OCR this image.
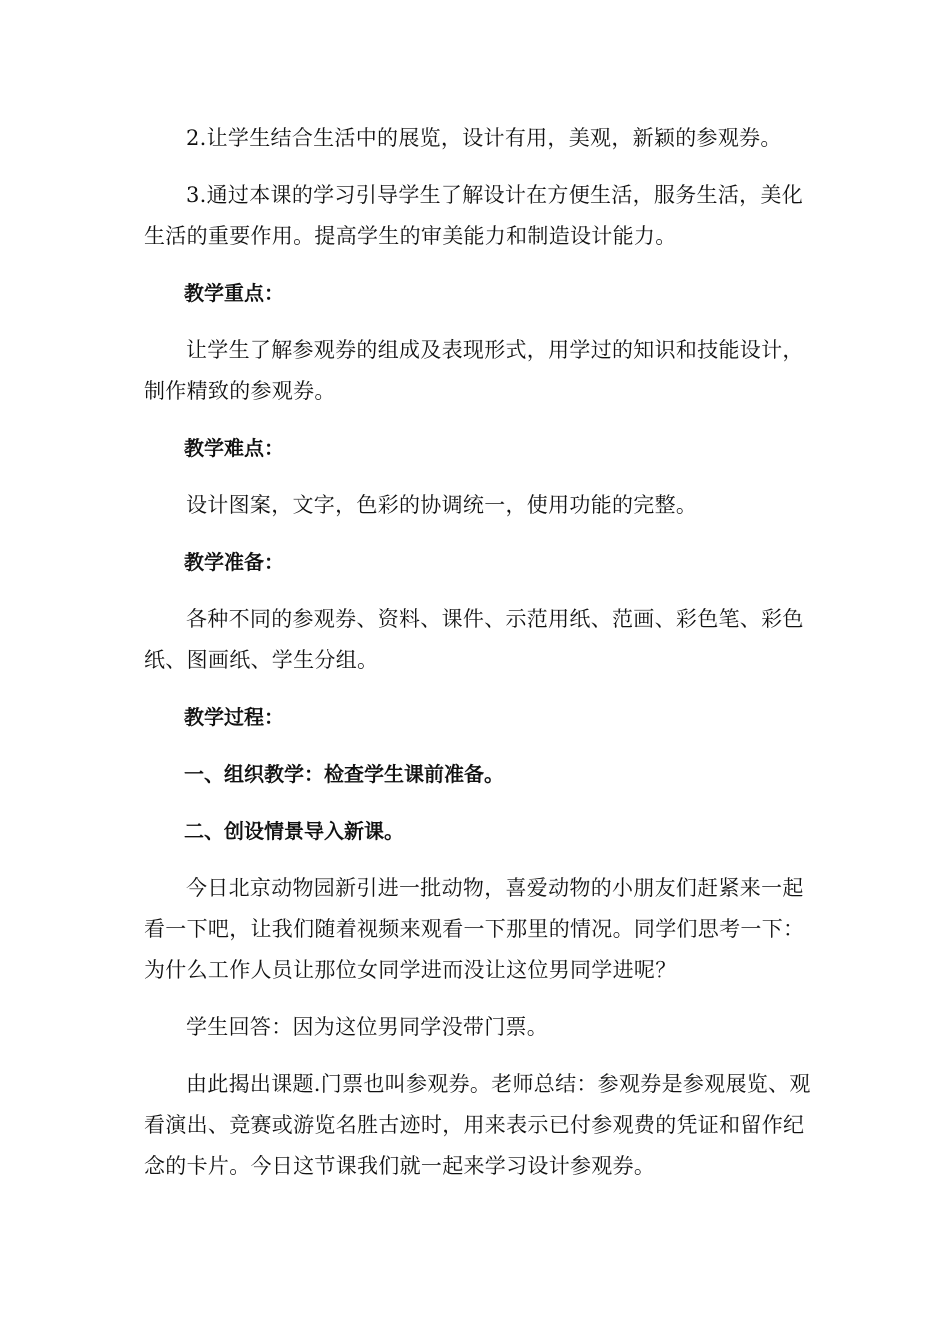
2.让学生结合生活中的展览，设计有用，美观，新颖的参观券。

3.通过本课的学习引导学生了解设计在方便生活，服务生活，美化生活的重要作用。提高学生的审美能力和制造设计能力。

教学重点：

让学生了解参观券的组成及表现形式，用学过的知识和技能设计，制作精致的参观券。

教学难点：

设计图案，文字，色彩的协调统一，使用功能的完整。

教学准备：

各种不同的参观券、资料、课件、示范用纸、范画、彩色笔、彩色纸、图画纸、学生分组。

教学过程：

一、组织教学：检查学生课前准备。

二、创设情景导入新课。

今日北京动物园新引进一批动物，喜爱动物的小朋友们赶紧来一起看一下吧，让我们随着视频来观看一下那里的情况。同学们思考一下：为什么工作人员让那位女同学进而没让这位男同学进呢？

学生回答：因为这位男同学没带门票。

由此揭出课题.门票也叫参观券。老师总结：参观券是参观展览、观看演出、竞赛或游览名胜古迹时，用来表示已付参观费的凭证和留作纪念的卡片。今日这节课我们就一起来学习设计参观券。
